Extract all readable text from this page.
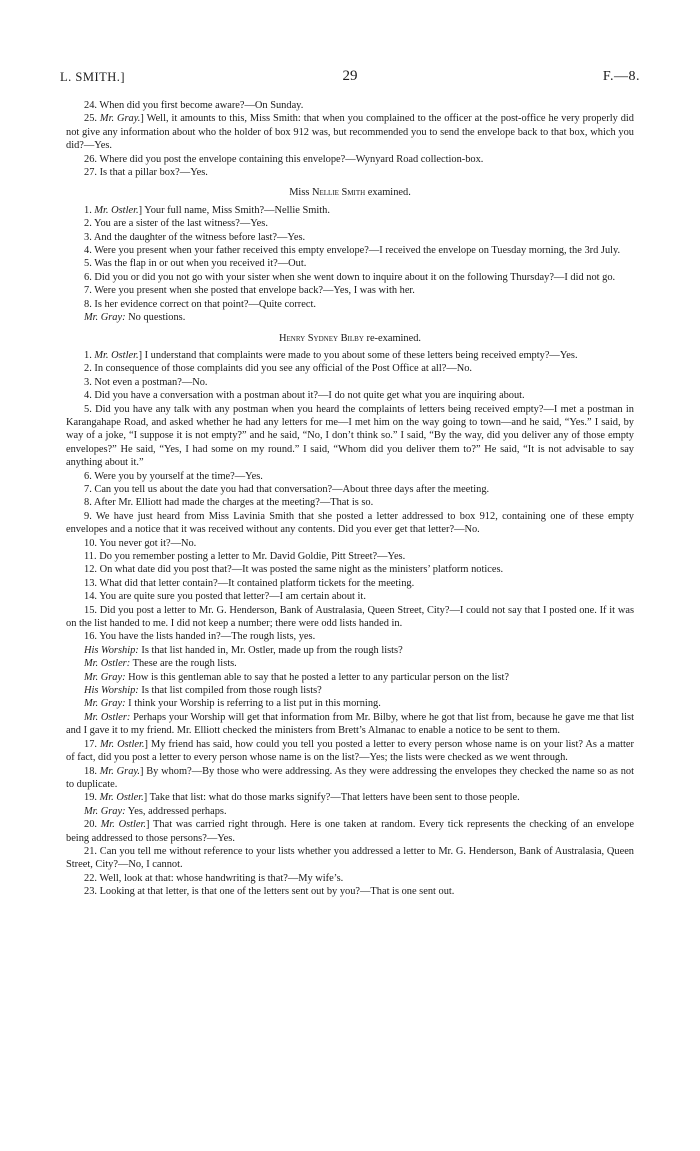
L. SMITH.]	29	F.—8.

24. When did you first become aware?—On Sunday.

25. Mr. Gray.] Well, it amounts to this, Miss Smith: that when you complained to the officer at the post-office he very properly did not give any information about who the holder of box 912 was, but recommended you to send the envelope back to that box, which you did?—Yes.

26. Where did you post the envelope containing this envelope?—Wynyard Road collection-box.

27. Is that a pillar box?—Yes.

Miss Nellie Smith examined.

1. Mr. Ostler.] Your full name, Miss Smith?—Nellie Smith.

2. You are a sister of the last witness?—Yes.

3. And the daughter of the witness before last?—Yes.

4. Were you present when your father received this empty envelope?—I received the envelope on Tuesday morning, the 3rd July.

5. Was the flap in or out when you received it?—Out.

6. Did you or did you not go with your sister when she went down to inquire about it on the following Thursday?—I did not go.

7. Were you present when she posted that envelope back?—Yes, I was with her.

8. Is her evidence correct on that point?—Quite correct.

Mr. Gray: No questions.

Henry Sydney Bilby re-examined.

1. Mr. Ostler.] I understand that complaints were made to you about some of these letters being received empty?—Yes.

2. In consequence of those complaints did you see any official of the Post Office at all?—No.

3. Not even a postman?—No.

4. Did you have a conversation with a postman about it?—I do not quite get what you are inquiring about.

5. Did you have any talk with any postman when you heard the complaints of letters being received empty?—I met a postman in Karangahape Road, and asked whether he had any letters for me—I met him on the way going to town—and he said, “Yes.” I said, by way of a joke, “I suppose it is not empty?” and he said, “No, I don’t think so.” I said, “By the way, did you deliver any of those empty envelopes?” He said, “Yes, I had some on my round.” I said, “Whom did you deliver them to?” He said, “It is not advisable to say anything about it.”

6. Were you by yourself at the time?—Yes.

7. Can you tell us about the date you had that conversation?—About three days after the meeting.

8. After Mr. Elliott had made the charges at the meeting?—That is so.

9. We have just heard from Miss Lavinia Smith that she posted a letter addressed to box 912, containing one of these empty envelopes and a notice that it was received without any contents. Did you ever get that letter?—No.

10. You never got it?—No.

11. Do you remember posting a letter to Mr. David Goldie, Pitt Street?—Yes.

12. On what date did you post that?—It was posted the same night as the ministers’ platform notices.

13. What did that letter contain?—It contained platform tickets for the meeting.

14. You are quite sure you posted that letter?—I am certain about it.

15. Did you post a letter to Mr. G. Henderson, Bank of Australasia, Queen Street, City?—I could not say that I posted one. If it was on the list handed to me. I did not keep a number; there were odd lists handed in.

16. You have the lists handed in?—The rough lists, yes.

His Worship: Is that list handed in, Mr. Ostler, made up from the rough lists?

Mr. Ostler: These are the rough lists.

Mr. Gray: How is this gentleman able to say that he posted a letter to any particular person on the list?

His Worship: Is that list compiled from those rough lists?

Mr. Gray: I think your Worship is referring to a list put in this morning.

Mr. Ostler: Perhaps your Worship will get that information from Mr. Bilby, where he got that list from, because he gave me that list and I gave it to my friend. Mr. Elliott checked the ministers from Brett’s Almanac to enable a notice to be sent to them.

17. Mr. Ostler.] My friend has said, how could you tell you posted a letter to every person whose name is on your list? As a matter of fact, did you post a letter to every person whose name is on the list?—Yes; the lists were checked as we went through.

18. Mr. Gray.] By whom?—By those who were addressing. As they were addressing the envelopes they checked the name so as not to duplicate.

19. Mr. Ostler.] Take that list: what do those marks signify?—That letters have been sent to those people.

Mr. Gray: Yes, addressed perhaps.

20. Mr. Ostler.] That was carried right through. Here is one taken at random. Every tick represents the checking of an envelope being addressed to those persons?—Yes.

21. Can you tell me without reference to your lists whether you addressed a letter to Mr. G. Henderson, Bank of Australasia, Queen Street, City?—No, I cannot.

22. Well, look at that: whose handwriting is that?—My wife’s.

23. Looking at that letter, is that one of the letters sent out by you?—That is one sent out.
